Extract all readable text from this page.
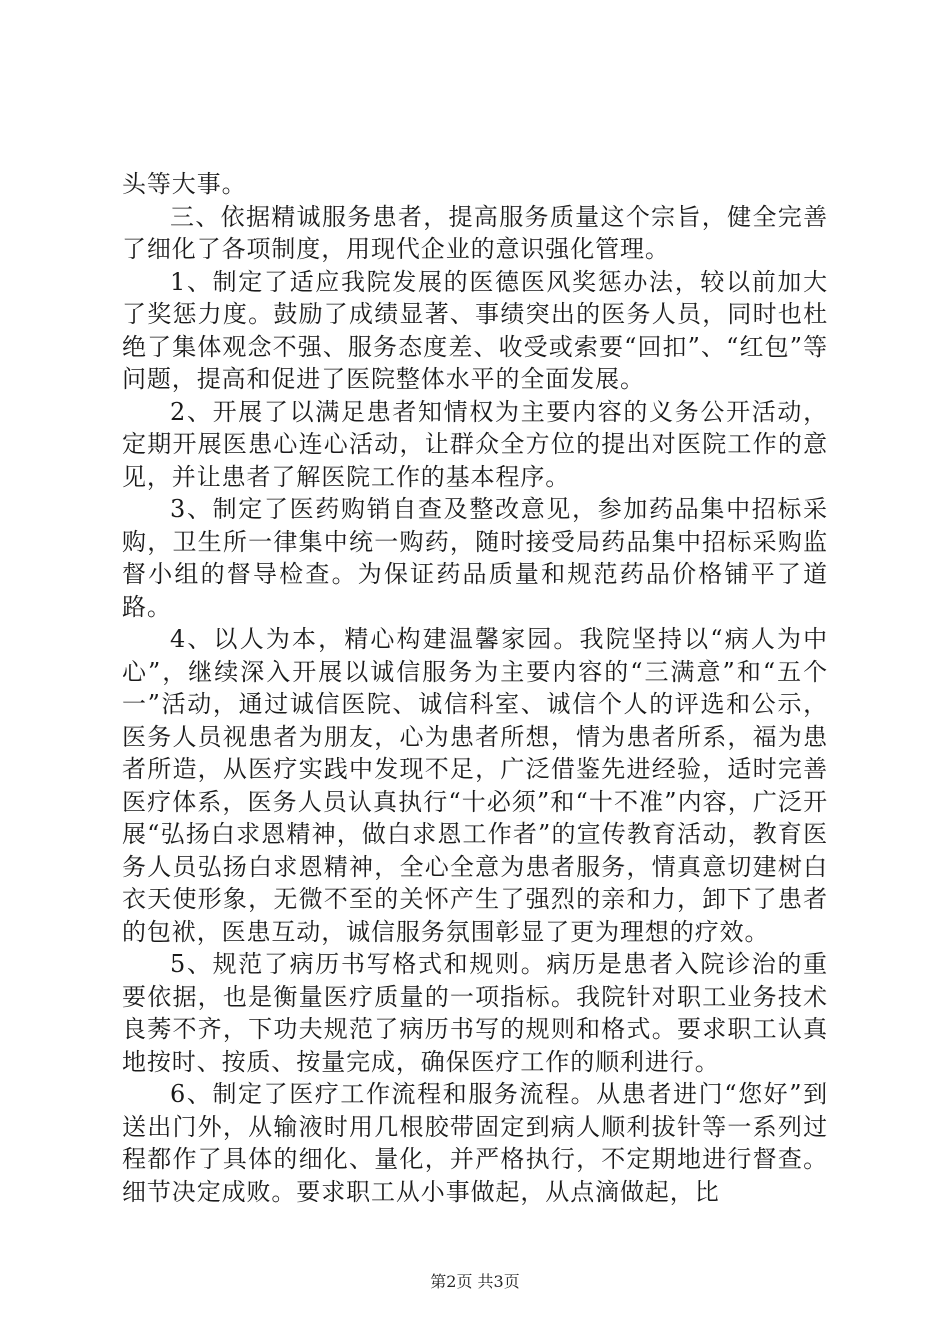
头等大事。

三、依据精诚服务患者，提高服务质量这个宗旨，健全完善了细化了各项制度，用现代企业的意识强化管理。

1、制定了适应我院发展的医德医风奖惩办法，较以前加大了奖惩力度。鼓励了成绩显著、事绩突出的医务人员，同时也杜绝了集体观念不强、服务态度差、收受或索要“回扣”、“红包”等问题，提高和促进了医院整体水平的全面发展。

2、开展了以满足患者知情权为主要内容的义务公开活动，定期开展医患心连心活动，让群众全方位的提出对医院工作的意见，并让患者了解医院工作的基本程序。

3、制定了医药购销自查及整改意见，参加药品集中招标采购，卫生所一律集中统一购药，随时接受局药品集中招标采购监督小组的督导检查。为保证药品质量和规范药品价格铺平了道路。

4、以人为本，精心构建温馨家园。我院坚持以“病人为中心”，继续深入开展以诚信服务为主要内容的“三满意”和“五个一”活动，通过诚信医院、诚信科室、诚信个人的评选和公示，医务人员视患者为朋友，心为患者所想，情为患者所系，福为患者所造，从医疗实践中发现不足，广泛借鉴先进经验，适时完善医疗体系，医务人员认真执行“十必须”和“十不准”内容，广泛开展“弘扬白求恩精神，做白求恩工作者”的宣传教育活动，教育医务人员弘扬白求恩精神，全心全意为患者服务，情真意切建树白衣天使形象，无微不至的关怀产生了强烈的亲和力，卸下了患者的包袱，医患互动，诚信服务氛围彰显了更为理想的疗效。

5、规范了病历书写格式和规则。病历是患者入院诊治的重要依据，也是衡量医疗质量的一项指标。我院针对职工业务技术良莠不齐，下功夫规范了病历书写的规则和格式。要求职工认真地按时、按质、按量完成，确保医疗工作的顺利进行。

6、制定了医疗工作流程和服务流程。从患者进门“您好”到送出门外，从输液时用几根胶带固定到病人顺利拔针等一系列过程都作了具体的细化、量化，并严格执行，不定期地进行督查。细节决定成败。要求职工从小事做起，从点滴做起，比

第2页 共3页
